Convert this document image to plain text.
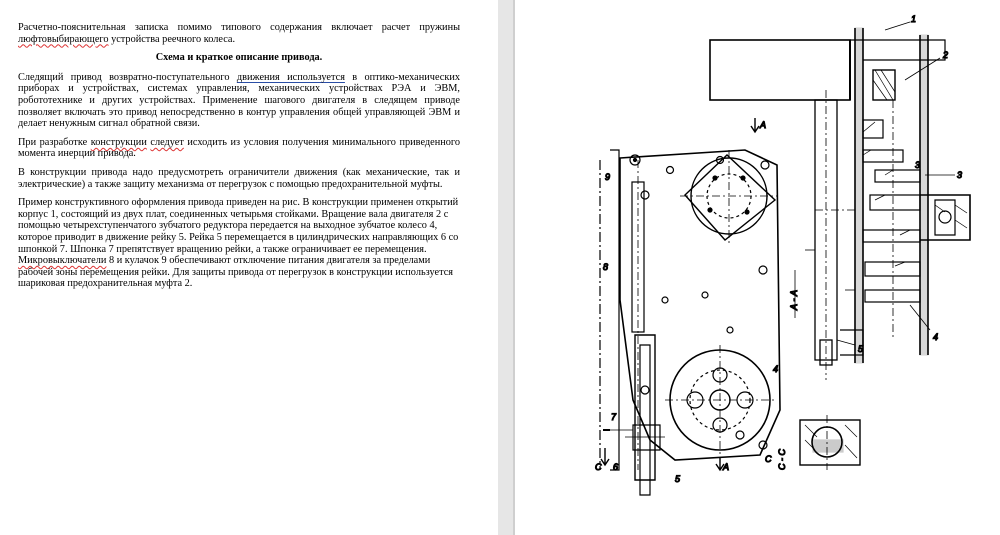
Расчетно-пояснительная записка помимо типового содержания включает расчет пружины люфтовыбирающего устройства реечного колеса.

Схема и краткое описание привода.

Следящий привод возвратно-поступательного движения используется в оптико-механических приборах и устройствах, системах управления, механических устройствах РЭА и ЭВМ, робототехнике и других устройствах. Применение шагового двигателя в следящем приводе позволяет включать это привод непосредственно в контур управления общей управляющей ЭВМ и делает ненужным сигнал обратной связи.

При разработке конструкции следует исходить из условия получения минимального приведенного момента инерции привода.

В конструкции привода надо предусмотреть ограничители движения (как механические, так и электрические) а также защиту механизма от перегрузок с помощью предохранительной муфты.

Пример конструктивного оформления привода приведен на рис. В конструкции применен открытий корпус 1, состоящий из двух плат, соединенных четырьмя стойками. Вращение вала двигателя 2 с помощью четырехступенчатого зубчатого редуктора передается на выходное зубчатое колесо 4, которое приводит в движение рейку 5. Рейка 5 перемещается в цилиндрических направляющих 6 со шпонкой 7. Шпонка 7 препятствует вращению рейки, а также ограничивает ее перемещения. Микровыключатели 8 и кулачок 9 обеспечивают отключение питания двигателя за пределами рабочей зоны перемещения рейки. Для защиты привода от перегрузок в конструкции используется шариковая предохранительная муфта 2.

1
2
3
3
4
4
5
5
6
7
8
9
А
А
А - А
С
С С - С
